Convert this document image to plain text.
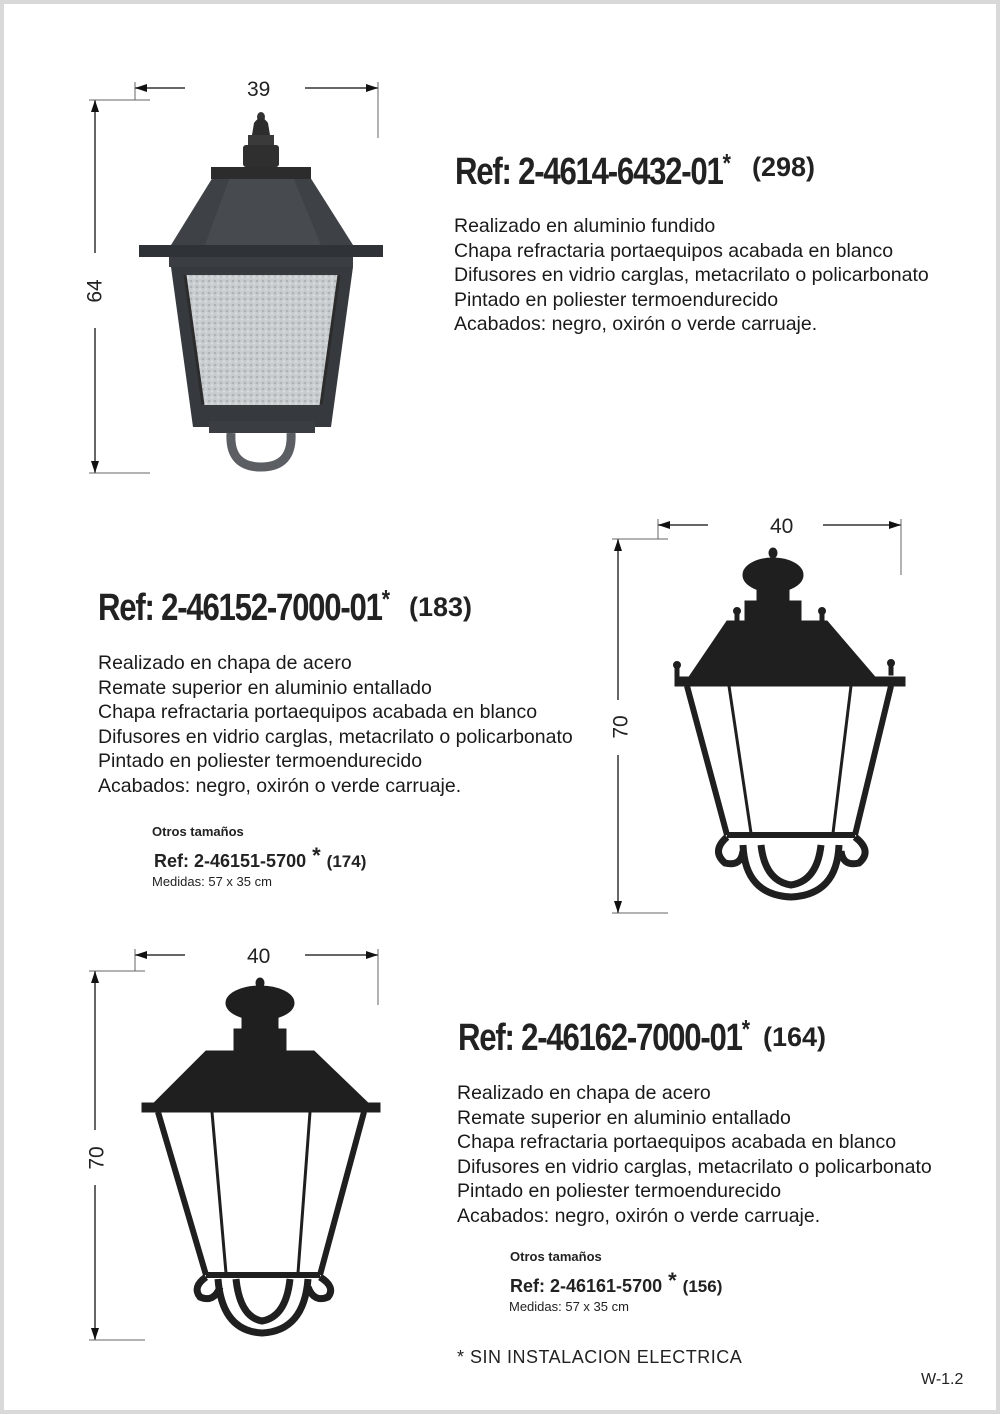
39
64
Ref: 2-4614-6432-01* (298)
Realizado en aluminio fundido
Chapa refractaria portaequipos acabada en blanco
Difusores en vidrio carglas, metacrilato o policarbonato
Pintado en poliester termoendurecido
Acabados: negro, oxirón o verde carruaje.
Ref: 2-46152-7000-01* (183)
Realizado en chapa de acero
Remate superior en aluminio entallado
Chapa refractaria portaequipos acabada en blanco
Difusores en vidrio carglas, metacrilato o policarbonato
Pintado en poliester termoendurecido
Acabados: negro, oxirón o verde carruaje.
Otros tamaños
Ref: 2-46151-5700 * (174)
Medidas: 57 x 35 cm
40
70
40
70
Ref: 2-46162-7000-01* (164)
Realizado en chapa de acero
Remate superior en aluminio entallado
Chapa refractaria portaequipos acabada en blanco
Difusores en vidrio carglas, metacrilato o policarbonato
Pintado en poliester termoendurecido
Acabados: negro, oxirón o verde carruaje.
Otros tamaños
Ref: 2-46161-5700 * (156)
Medidas: 57 x 35 cm
* SIN INSTALACION ELECTRICA
W-1.2
